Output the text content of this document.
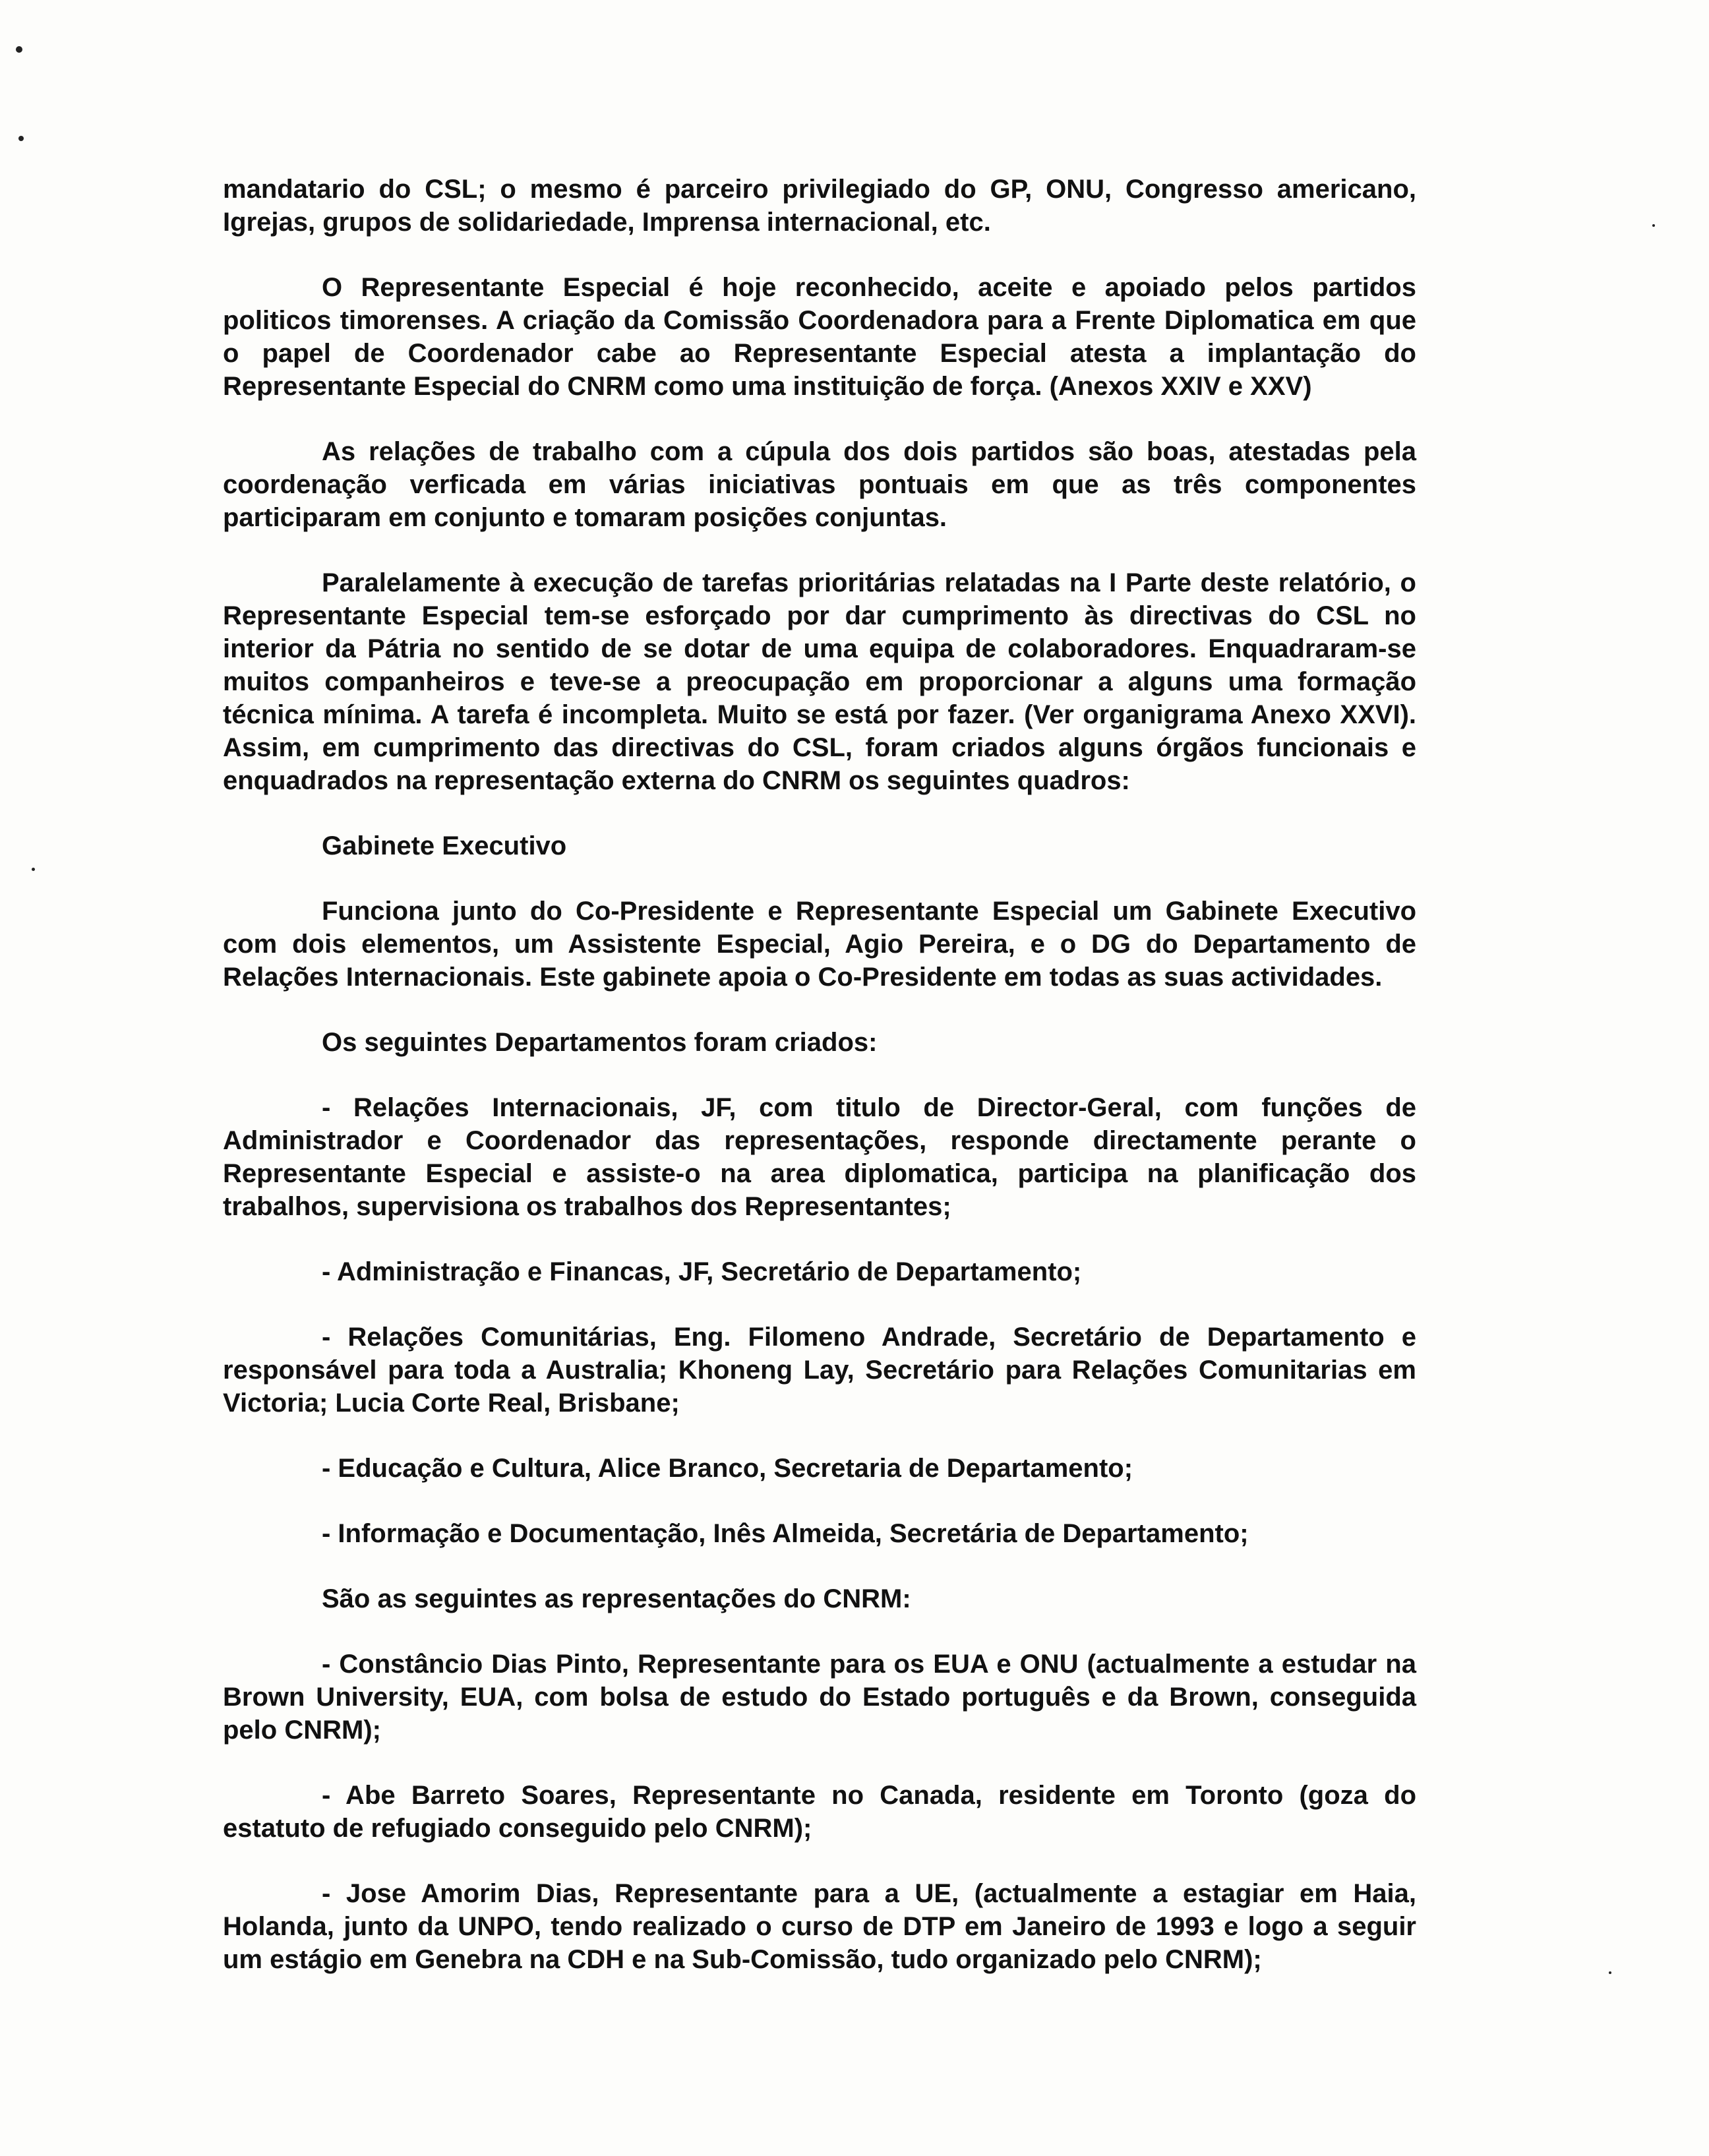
mandatario do CSL; o mesmo é parceiro privilegiado do GP, ONU, Congresso americano, Igrejas, grupos de solidariedade, Imprensa internacional, etc.

O Representante Especial é hoje reconhecido, aceite e apoiado pelos partidos politicos timorenses. A criação da Comissão Coordenadora para a Frente Diplomatica em que o papel de Coordenador cabe ao Representante Especial atesta a implantação do Representante Especial do CNRM como uma instituição de força. (Anexos XXIV e XXV)

As relações de trabalho com a cúpula dos dois partidos são boas, atestadas pela coordenação verficada em várias iniciativas pontuais em que as três componentes participaram em conjunto e tomaram posições conjuntas.

Paralelamente à execução de tarefas prioritárias relatadas na I Parte deste relatório, o Representante Especial tem-se esforçado por dar cumprimento às directivas do CSL no interior da Pátria no sentido de se dotar de uma equipa de colaboradores. Enquadraram-se muitos companheiros e teve-se a preocupação em proporcionar a alguns uma formação técnica mínima. A tarefa é incompleta. Muito se está por fazer. (Ver organigrama Anexo XXVI). Assim, em cumprimento das directivas do CSL, foram criados alguns órgãos funcionais e enquadrados na representação externa do CNRM os seguintes quadros:

Gabinete Executivo

Funciona junto do Co-Presidente e Representante Especial um Gabinete Executivo com dois elementos, um Assistente Especial, Agio Pereira, e o DG do Departamento de Relações Internacionais. Este gabinete apoia o Co-Presidente em todas as suas actividades.

Os seguintes Departamentos foram criados:

- Relações Internacionais, JF, com titulo de Director-Geral, com funções de Administrador e Coordenador das representações, responde directamente perante o Representante Especial e assiste-o na area diplomatica, participa na planificação dos trabalhos, supervisiona os trabalhos dos Representantes;

- Administração e Financas, JF, Secretário de Departamento;

- Relações Comunitárias, Eng. Filomeno Andrade, Secretário de Departamento e responsável para toda a Australia; Khoneng Lay, Secretário para Relações Comunitarias em Victoria; Lucia Corte Real, Brisbane;

- Educação e Cultura, Alice Branco, Secretaria de Departamento;

- Informação e Documentação, Inês Almeida, Secretária de Departamento;

São as seguintes as representações do CNRM:

- Constâncio Dias Pinto, Representante para os EUA e ONU (actualmente a estudar na Brown University, EUA, com bolsa de estudo do Estado português e da Brown, conseguida pelo CNRM);

- Abe Barreto Soares, Representante no Canada, residente em Toronto (goza do estatuto de refugiado conseguido pelo CNRM);

- Jose Amorim Dias, Representante para a UE, (actualmente a estagiar em Haia, Holanda, junto da UNPO, tendo realizado o curso de DTP em Janeiro de 1993 e logo a seguir um estágio em Genebra na CDH e na Sub-Comissão, tudo organizado pelo CNRM);
